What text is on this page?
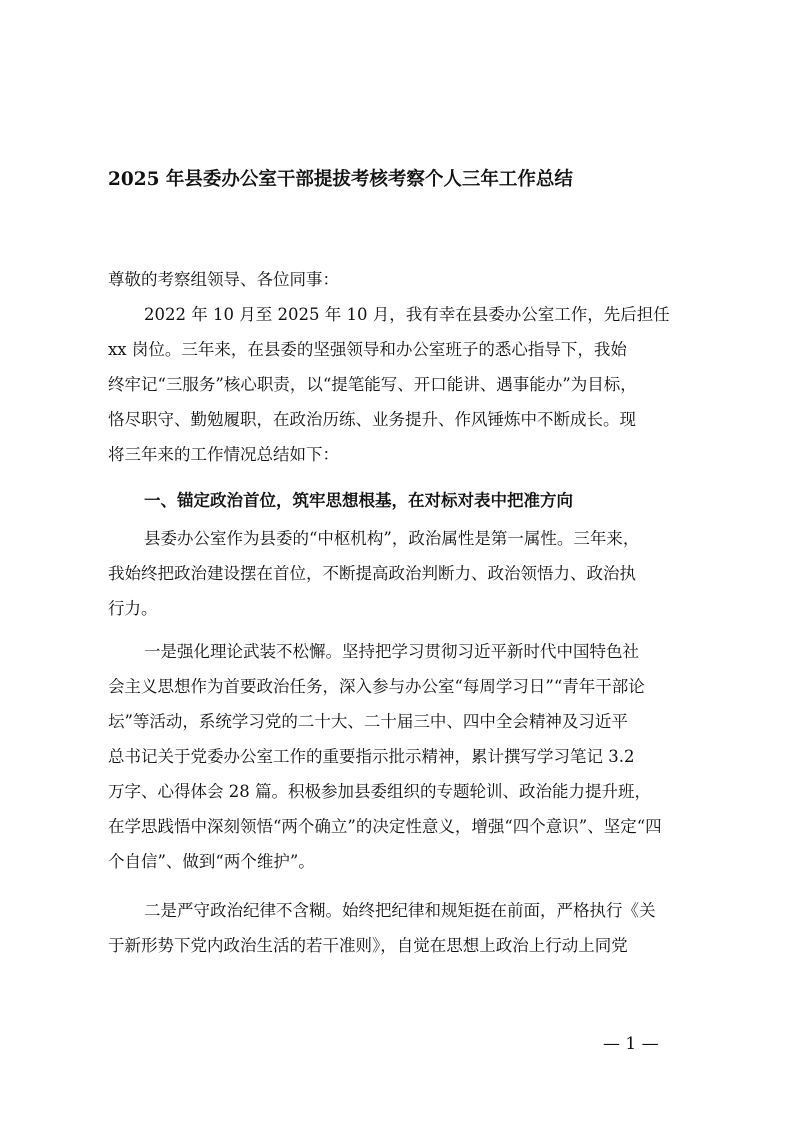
2025 年县委办公室干部提拔考核考察个人三年工作总结

尊敬的考察组领导、各位同事：

2022 年 10 月至 2025 年 10 月，我有幸在县委办公室工作，先后担任
xx 岗位。三年来，在县委的坚强领导和办公室班子的悉心指导下，我始
终牢记“三服务”核心职责，以“提笔能写、开口能讲、遇事能办”为目标，
恪尽职守、勤勉履职，在政治历练、业务提升、作风锤炼中不断成长。现
将三年来的工作情况总结如下：

一、锚定政治首位，筑牢思想根基，在对标对表中把准方向

县委办公室作为县委的“中枢机构”，政治属性是第一属性。三年来，
我始终把政治建设摆在首位，不断提高政治判断力、政治领悟力、政治执
行力。

一是强化理论武装不松懈。坚持把学习贯彻习近平新时代中国特色社
会主义思想作为首要政治任务，深入参与办公室“每周学习日”“青年干部论
坛”等活动，系统学习党的二十大、二十届三中、四中全会精神及习近平
总书记关于党委办公室工作的重要指示批示精神，累计撰写学习笔记 3.2
万字、心得体会 28 篇。积极参加县委组织的专题轮训、政治能力提升班，
在学思践悟中深刻领悟“两个确立”的决定性意义，增强“四个意识”、坚定“四
个自信”、做到“两个维护”。

二是严守政治纪律不含糊。始终把纪律和规矩挺在前面，严格执行《关
于新形势下党内政治生活的若干准则》，自觉在思想上政治上行动上同党

— 1 —
